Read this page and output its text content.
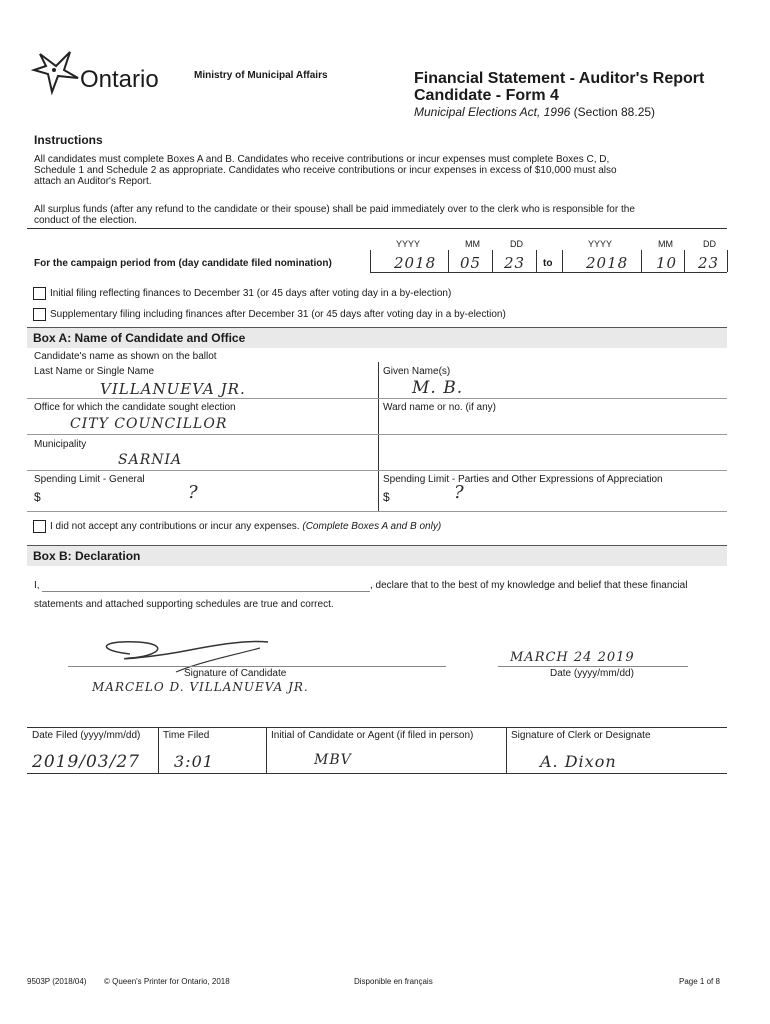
Ontario	Ministry of Municipal Affairs	Financial Statement - Auditor's Report
Candidate - Form 4
Municipal Elections Act, 1996 (Section 88.25)
Instructions
All candidates must complete Boxes A and B. Candidates who receive contributions or incur expenses must complete Boxes C, D,
Schedule 1 and Schedule 2 as appropriate. Candidates who receive contributions or incur expenses in excess of $10,000 must also
attach an Auditor's Report.
All surplus funds (after any refund to the candidate or their spouse) shall be paid immediately over to the clerk who is responsible for the
conduct of the election.
YYYY	MM	DD	YYYY	MM	DD
For the campaign period from (day candidate filed nomination)	2018 05 23 to 2018 10 23
Initial filing reflecting finances to December 31 (or 45 days after voting day in a by-election)
Supplementary filing including finances after December 31 (or 45 days after voting day in a by-election)
Box A: Name of Candidate and Office
Candidate's name as shown on the ballot
Last Name or Single Name
VILLANUEVA JR.
Given Name(s)
M. B.
Office for which the candidate sought election
CITY COUNCILLOR
Ward name or no. (if any)
Municipality
SARNIA
Spending Limit - General
$	?
Spending Limit - Parties and Other Expressions of Appreciation
$	?
I did not accept any contributions or incur any expenses. (Complete Boxes A and B only)
Box B: Declaration
I,	, declare that to the best of my knowledge and belief that these financial
statements and attached supporting schedules are true and correct.
Signature of Candidate
MARCELO D. VILLANUEVA JR.
MARCH 24 2019
Date (yyyy/mm/dd)
Date Filed (yyyy/mm/dd)
2019/03/27
Time Filed
3:01
Initial of Candidate or Agent (if filed in person)
MBV
Signature of Clerk or Designate
A. Dixon
9503P (2018/04) © Queen's Printer for Ontario, 2018	Disponible en français	Page 1 of 8
